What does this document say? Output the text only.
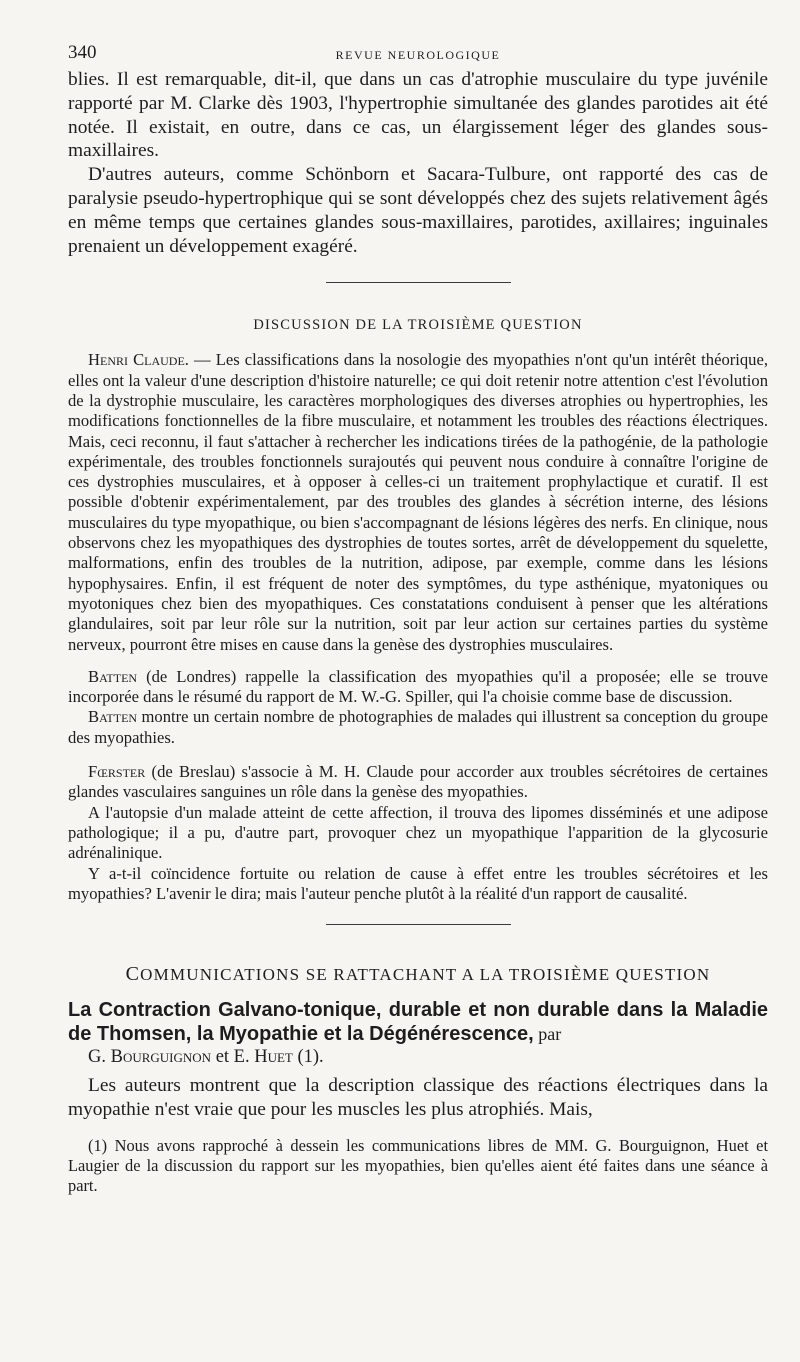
340	REVUE NEUROLOGIQUE

blies. Il est remarquable, dit-il, que dans un cas d'atrophie musculaire du type juvénile rapporté par M. Clarke dès 1903, l'hypertrophie simultanée des glandes parotides ait été notée. Il existait, en outre, dans ce cas, un élargissement léger des glandes sous-maxillaires.

D'autres auteurs, comme Schönborn et Sacara-Tulbure, ont rapporté des cas de paralysie pseudo-hypertrophique qui se sont développés chez des sujets relativement âgés en même temps que certaines glandes sous-maxillaires, parotides, axillaires; inguinales prenaient un développement exagéré.

DISCUSSION DE LA TROISIÈME QUESTION

Henri Claude. — Les classifications dans la nosologie des myopathies n'ont qu'un intérêt théorique, elles ont la valeur d'une description d'histoire naturelle; ce qui doit retenir notre attention c'est l'évolution de la dystrophie musculaire, les caractères morphologiques des diverses atrophies ou hypertrophies, les modifications fonctionnelles de la fibre musculaire, et notamment les troubles des réactions électriques. Mais, ceci reconnu, il faut s'attacher à rechercher les indications tirées de la pathogénie, de la pathologie expérimentale, des troubles fonctionnels surajoutés qui peuvent nous conduire à connaître l'origine de ces dystrophies musculaires, et à opposer à celles-ci un traitement prophylactique et curatif. Il est possible d'obtenir expérimentalement, par des troubles des glandes à sécrétion interne, des lésions musculaires du type myopathique, ou bien s'accompagnant de lésions légères des nerfs. En clinique, nous observons chez les myopathiques des dystrophies de toutes sortes, arrêt de développement du squelette, malformations, enfin des troubles de la nutrition, adipose, par exemple, comme dans les lésions hypophysaires. Enfin, il est fréquent de noter des symptômes, du type asthénique, myatoniques ou myotoniques chez bien des myopathiques. Ces constatations conduisent à penser que les altérations glandulaires, soit par leur rôle sur la nutrition, soit par leur action sur certaines parties du système nerveux, pourront être mises en cause dans la genèse des dystrophies musculaires.

Batten (de Londres) rappelle la classification des myopathies qu'il a proposée; elle se trouve incorporée dans le résumé du rapport de M. W.-G. Spiller, qui l'a choisie comme base de discussion.

Batten montre un certain nombre de photographies de malades qui illustrent sa conception du groupe des myopathies.

Fœrster (de Breslau) s'associe à M. H. Claude pour accorder aux troubles sécrétoires de certaines glandes vasculaires sanguines un rôle dans la genèse des myopathies.

A l'autopsie d'un malade atteint de cette affection, il trouva des lipomes disséminés et une adipose pathologique; il a pu, d'autre part, provoquer chez un myopathique l'apparition de la glycosurie adrénalinique.

Y a-t-il coïncidence fortuite ou relation de cause à effet entre les troubles sécrétoires et les myopathies? L'avenir le dira; mais l'auteur penche plutôt à la réalité d'un rapport de causalité.

COMMUNICATIONS SE RATTACHANT A LA TROISIÈME QUESTION

La Contraction Galvano-tonique, durable et non durable dans la Maladie de Thomsen, la Myopathie et la Dégénérescence, par

G. Bourguignon et E. Huet (1).

Les auteurs montrent que la description classique des réactions électriques dans la myopathie n'est vraie que pour les muscles les plus atrophiés. Mais,

(1) Nous avons rapproché à dessein les communications libres de MM. G. Bourguignon, Huet et Laugier de la discussion du rapport sur les myopathies, bien qu'elles aient été faites dans une séance à part.
